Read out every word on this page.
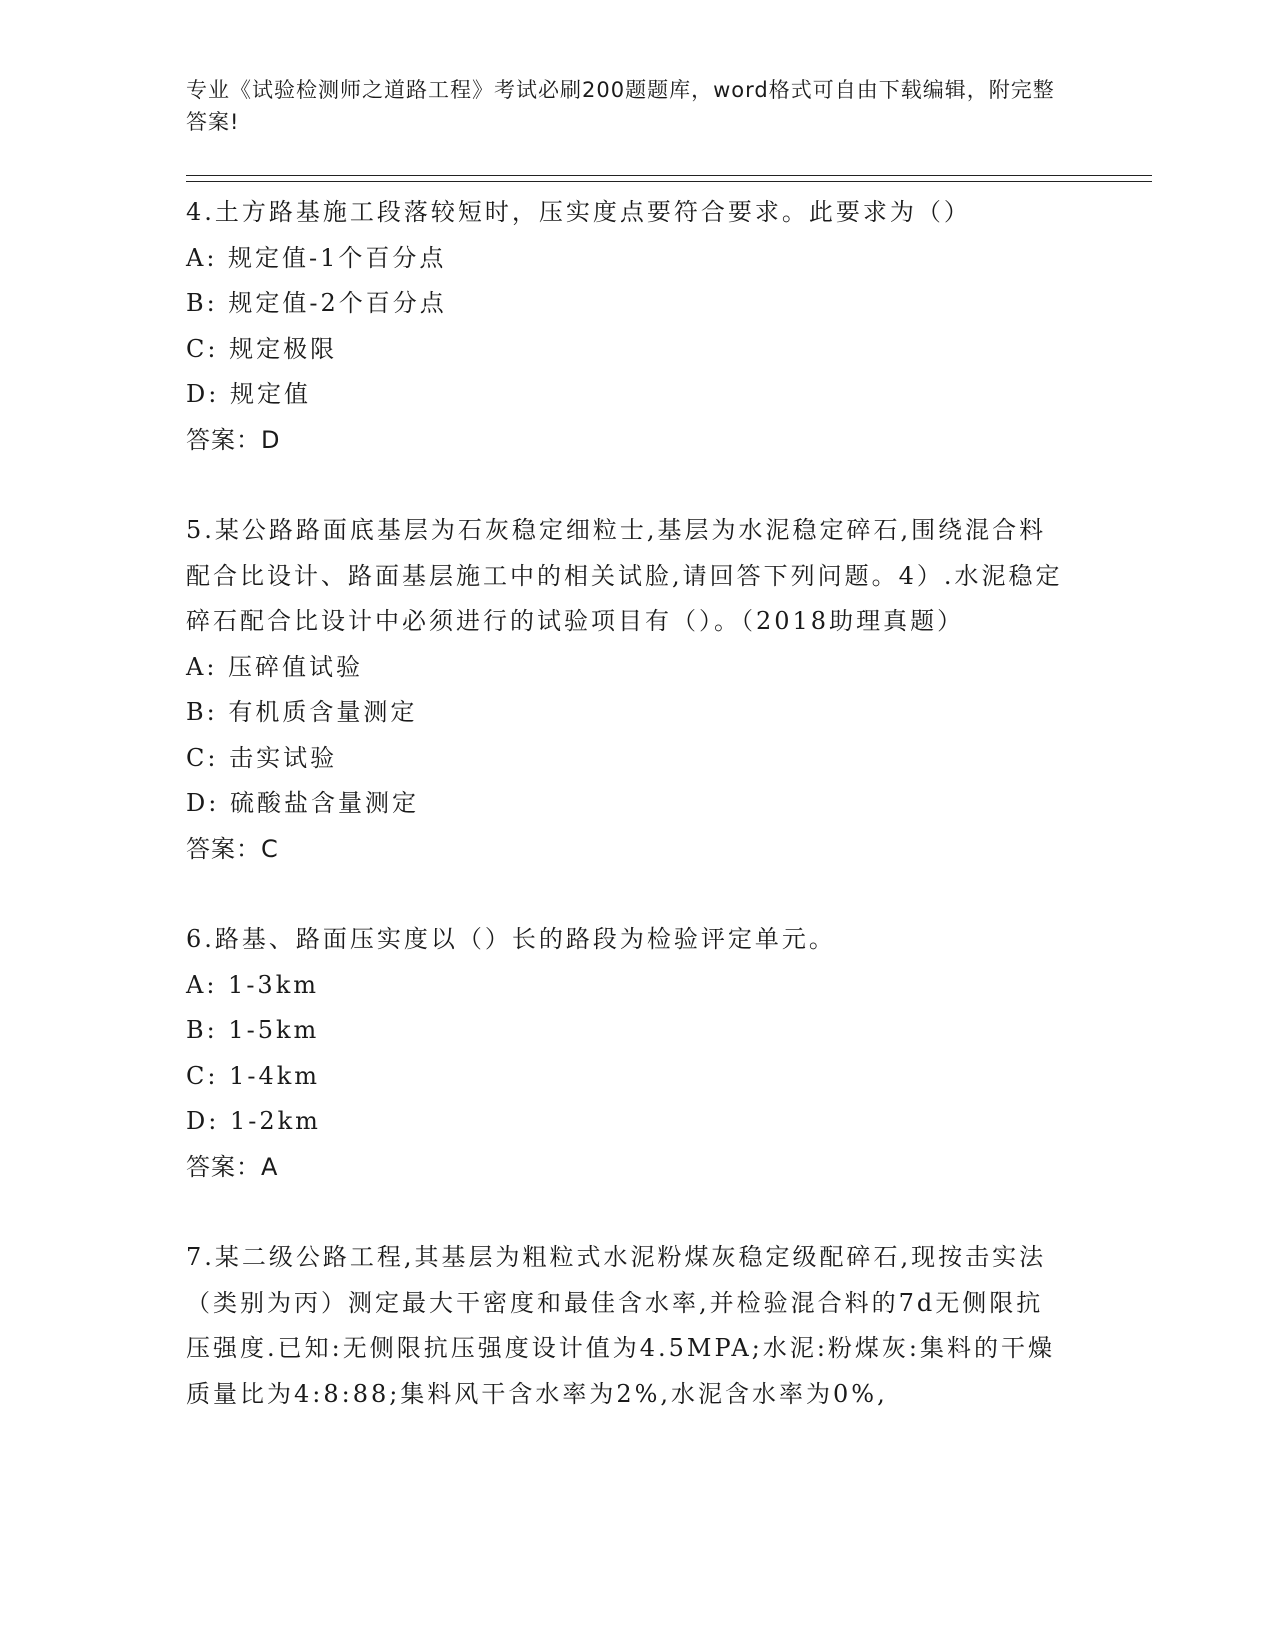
专业《试验检测师之道路工程》考试必刷200题题库，word格式可自由下载编辑，附完整答案!

4.土方路基施工段落较短时，压实度点要符合要求。此要求为（）

A: 规定值-1个百分点

B: 规定值-2个百分点

C: 规定极限

D: 规定值

答案：D

5.某公路路面底基层为石灰稳定细粒士,基层为水泥稳定碎石,围绕混合料配合比设计、路面基层施工中的相关试脸,请回答下列问题。4）.水泥稳定碎石配合比设计中必须进行的试验项目有（）。（2018助理真题）

A: 压碎值试验

B: 有机质含量测定

C: 击实试验

D: 硫酸盐含量测定

答案：C

6.路基、路面压实度以（）长的路段为检验评定单元。

A: 1-3km

B: 1-5km

C: 1-4km

D: 1-2km

答案：A

7.某二级公路工程,其基层为粗粒式水泥粉煤灰稳定级配碎石,现按击实法（类别为丙）测定最大干密度和最佳含水率,并检验混合料的7d无侧限抗压强度.已知:无侧限抗压强度设计值为4.5MPA;水泥:粉煤灰:集料的干燥质量比为4:8:88;集料风干含水率为2%,水泥含水率为0%,
